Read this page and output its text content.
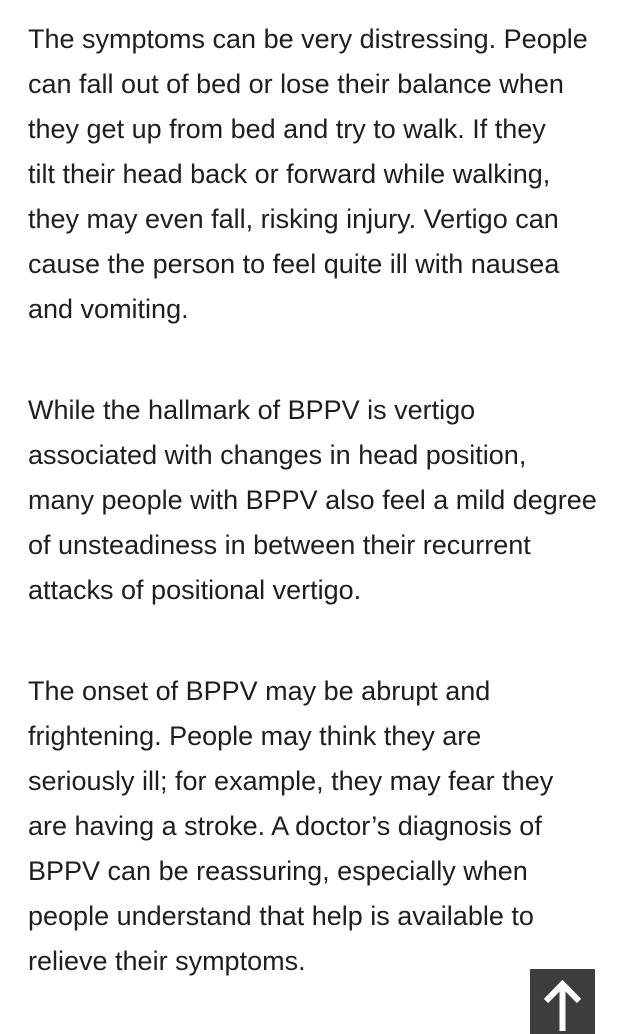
The symptoms can be very distressing. People
can fall out of bed or lose their balance when
they get up from bed and try to walk. If they
tilt their head back or forward while walking,
they may even fall, risking injury. Vertigo can
cause the person to feel quite ill with nausea
and vomiting.
While the hallmark of BPPV is vertigo
associated with changes in head position,
many people with BPPV also feel a mild degree
of unsteadiness in between their recurrent
attacks of positional vertigo.
The onset of BPPV may be abrupt and
frightening. People may think they are
seriously ill; for example, they may fear they
are having a stroke. A doctor’s diagnosis of
BPPV can be reassuring, especially when
people understand that help is available to
relieve their symptoms.
